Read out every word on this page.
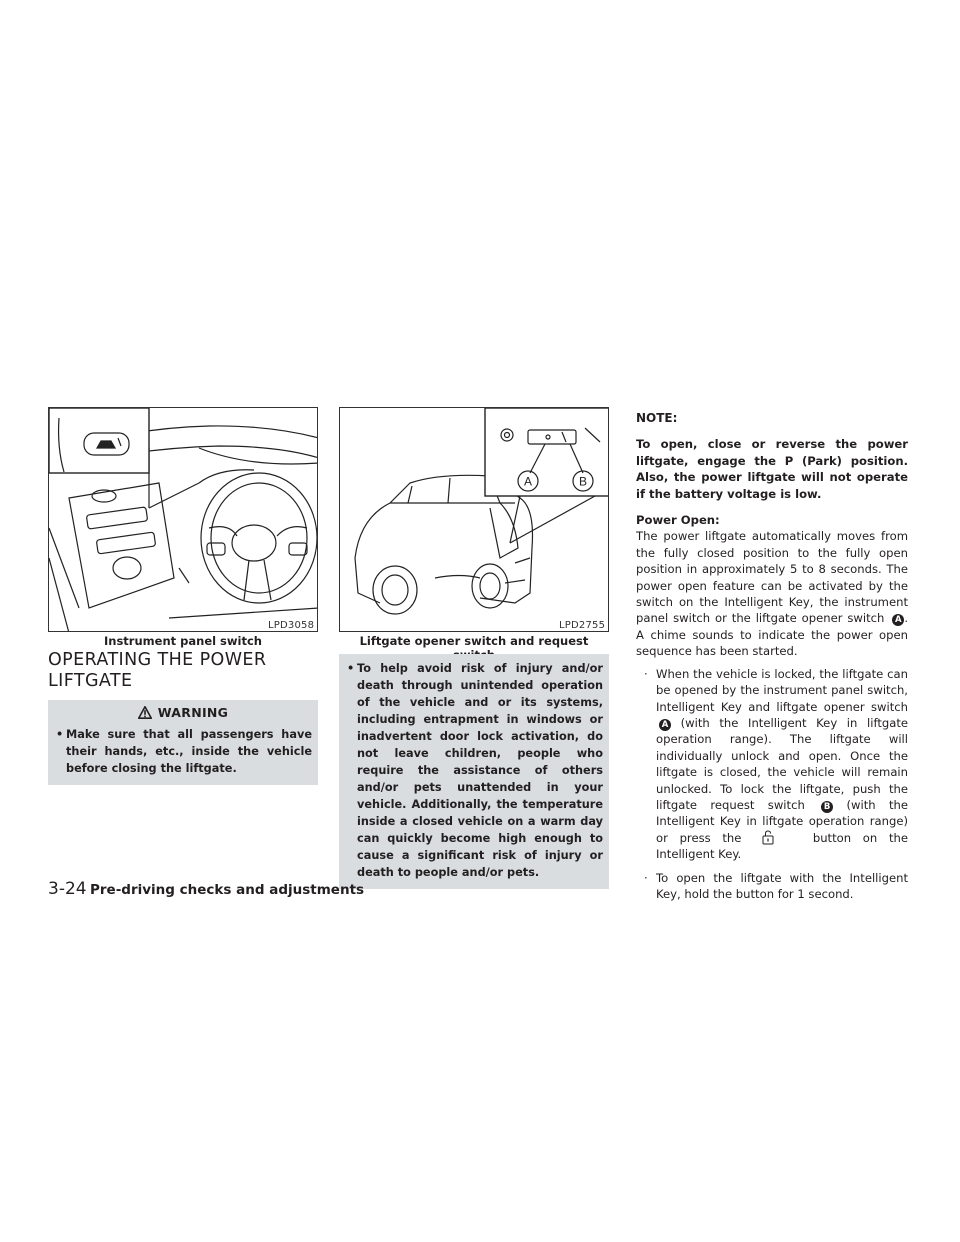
LPD3058
Instrument panel switch
A	B
LPD2755
Liftgate opener switch and request
OPERATING THE POWER LIFTGATE
WARNING
• Make sure that all passengers have their hands, etc., inside the vehicle before closing the liftgate.
• To help avoid risk of injury and/or death through unintended operation of the vehicle and or its systems, including entrapment in windows or inadvertent door lock activation, do not leave children, people who require the assistance of others and/or pets unattended in your vehicle. Additionally, the temperature inside a closed vehicle on a warm day can quickly become high enough to cause a significant risk of injury or death to people and/or pets.
NOTE:
To open, close or reverse the power liftgate, engage the P (Park) position. Also, the power liftgate will not operate if the battery voltage is low.
Power Open:
The power liftgate automatically moves from the fully closed position to the fully open position in approximately 5 to 8 seconds. The power open feature can be activated by the switch on the Intelligent Key, the instrument panel switch or the liftgate opener switch A . A chime sounds to indicate the power open sequence has been started.
· When the vehicle is locked, the liftgate can be opened by the instrument panel switch, Intelligent Key and liftgate opener switch A (with the Intelligent Key in liftgate operation range). The liftgate will individually unlock and open. Once the liftgate is closed, the vehicle will remain unlocked. To lock the liftgate, push the liftgate request switch B (with the Intelligent Key in liftgate operation range) or press the	button on the Intelligent Key.
· To open the liftgate with the Intelligent Key, hold the button for 1 second.
3-24 Pre-driving checks and adjustments
